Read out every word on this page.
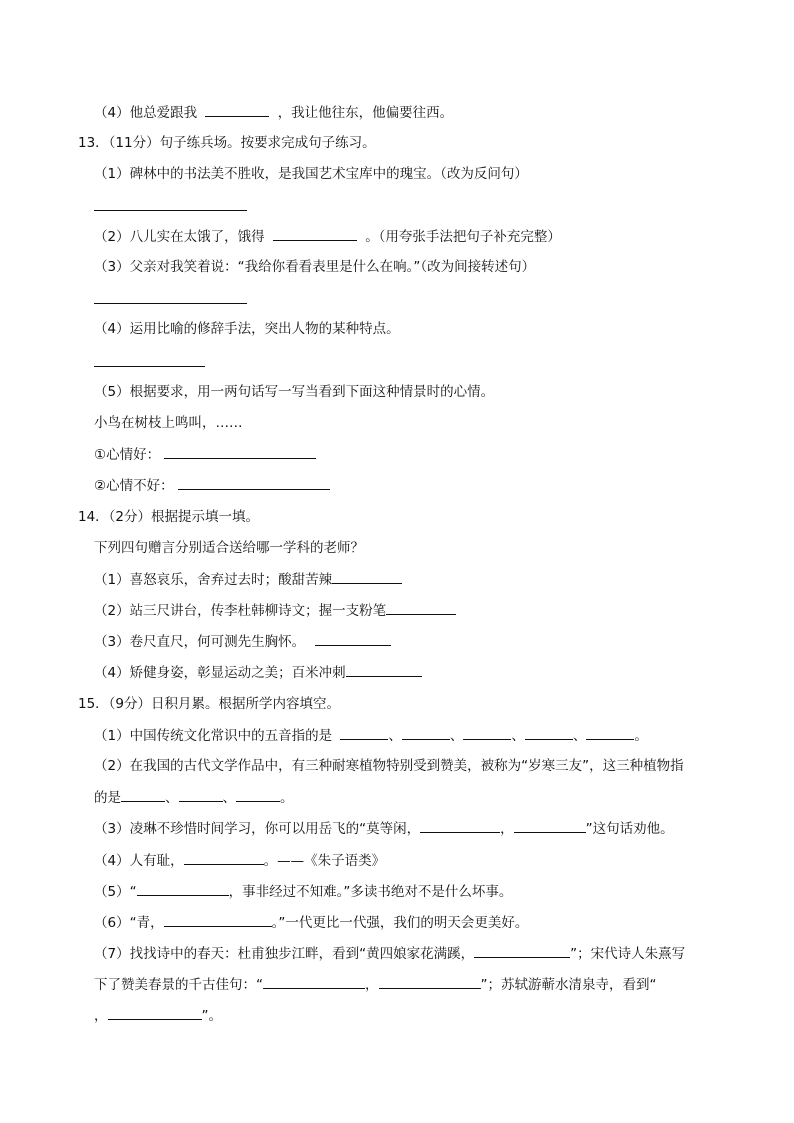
（4）他总爱跟我	，我让他往东，他偏要往西。
13．（11分）句子练兵场。按要求完成句子练习。
（1）碑林中的书法美不胜收，是我国艺术宝库中的瑰宝。（改为反问句）
（2）八儿实在太饿了，饿得	。（用夸张手法把句子补充完整）
（3）父亲对我笑着说：“我给你看看表里是什么在响。”（改为间接转述句）
（4）运用比喻的修辞手法，突出人物的某种特点。
（5）根据要求，用一两句话写一写当看到下面这种情景时的心情。
小鸟在树枝上鸣叫，……
①心情好：
②心情不好：
14．（2分）根据提示填一填。
下列四句赠言分别适合送给哪一学科的老师？
（1）喜怒哀乐，舍弃过去时；酸甜苦辣
（2）站三尺讲台，传李杜韩柳诗文；握一支粉笔
（3）卷尺直尺，何可测先生胸怀。
（4）矫健身姿，彰显运动之美；百米冲刺
15．（9分）日积月累。根据所学内容填空。
（1）中国传统文化常识中的五音指的是	、	、	、	、	。
（2）在我国的古代文学作品中，有三种耐寒植物特别受到赞美，被称为“岁寒三友”，这三种植物指
的是	、	、	。
（3）凌琳不珍惜时间学习，你可以用岳飞的“莫等闲，	，	”这句话劝他。
（4）人有耻，	。——《朱子语类》
（5）“	，事非经过不知难。”多读书绝对不是什么坏事。
（6）“青，	。”一代更比一代强，我们的明天会更美好。
（7）找找诗中的春天：杜甫独步江畔，看到“黄四娘家花满蹊，	”；宋代诗人朱熹写
下了赞美春景的千古佳句：“	，	”；苏轼游蕲水清泉寺，看到“
，	”。
